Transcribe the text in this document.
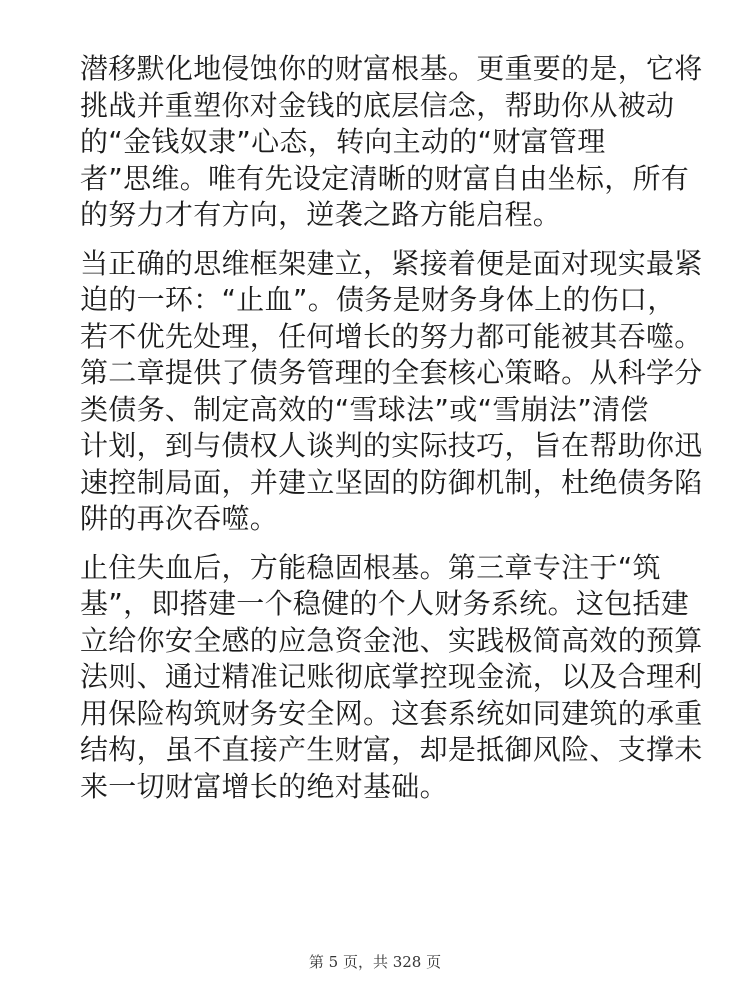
潜移默化地侵蚀你的财富根基。更重要的是，它将
挑战并重塑你对金钱的底层信念，帮助你从被动
的“金钱奴隶”心态，转向主动的“财富管理
者”思维。唯有先设定清晰的财富自由坐标，所有
的努力才有方向，逆袭之路方能启程。

当正确的思维框架建立，紧接着便是面对现实最紧
迫的一环：“止血”。债务是财务身体上的伤口，
若不优先处理，任何增长的努力都可能被其吞噬。
第二章提供了债务管理的全套核心策略。从科学分
类债务、制定高效的“雪球法”或“雪崩法”清偿
计划，到与债权人谈判的实际技巧，旨在帮助你迅
速控制局面，并建立坚固的防御机制，杜绝债务陷
阱的再次吞噬。

止住失血后，方能稳固根基。第三章专注于“筑
基”，即搭建一个稳健的个人财务系统。这包括建
立给你安全感的应急资金池、实践极简高效的预算
法则、通过精准记账彻底掌控现金流，以及合理利
用保险构筑财务安全网。这套系统如同建筑的承重
结构，虽不直接产生财富，却是抵御风险、支撑未
来一切财富增长的绝对基础。

第 5 页，共 328 页
